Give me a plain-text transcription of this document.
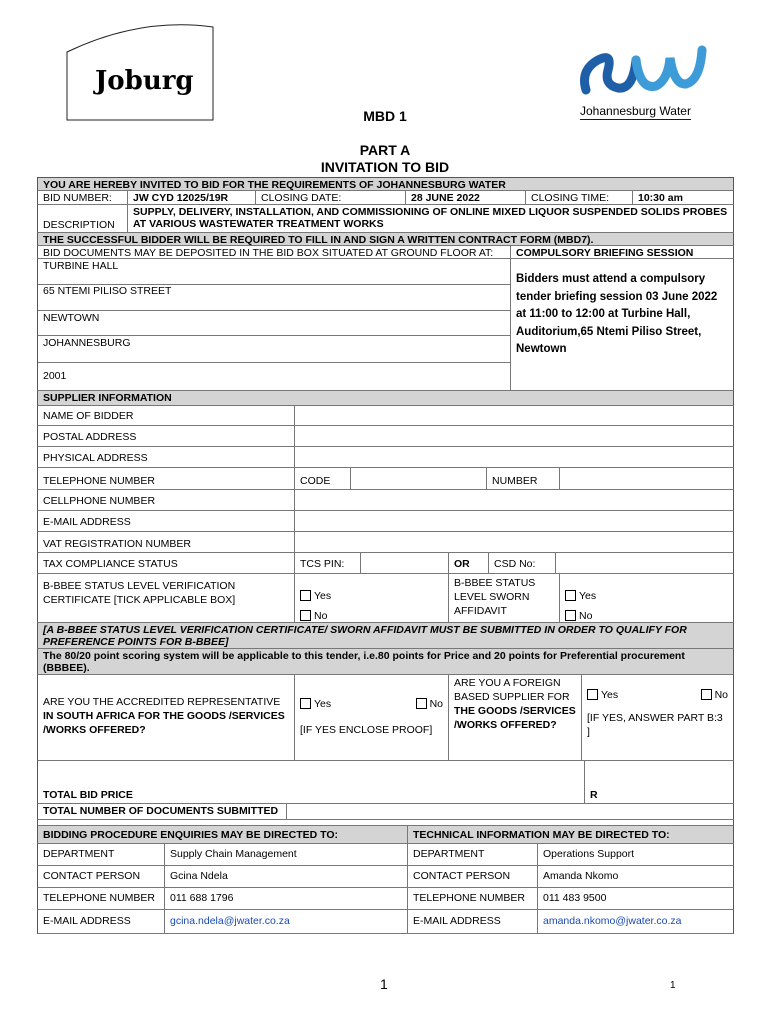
Joburg
Johannesburg Water
MBD 1
PART A
INVITATION TO BID
YOU ARE HEREBY INVITED TO BID FOR THE REQUIREMENTS OF JOHANNESBURG WATER
BID NUMBER:	JW CYD 12025/19R	CLOSING DATE:	28 JUNE 2022	CLOSING TIME:	10:30 am
DESCRIPTION
SUPPLY, DELIVERY, INSTALLATION, AND COMMISSIONING OF ONLINE MIXED LIQUOR SUSPENDED SOLIDS PROBES AT VARIOUS WASTEWATER TREATMENT WORKS
THE SUCCESSFUL BIDDER WILL BE REQUIRED TO FILL IN AND SIGN A WRITTEN CONTRACT FORM (MBD7).
BID DOCUMENTS MAY BE DEPOSITED IN THE BID BOX SITUATED AT GROUND FLOOR AT:	COMPULSORY BRIEFING SESSION
TURBINE HALL
65 NTEMI PILISO STREET
NEWTOWN
JOHANNESBURG
2001
Bidders must attend a compulsory tender briefing session 03 June 2022 at 11:00 to 12:00 at Turbine Hall, Auditorium,65 Ntemi Piliso Street, Newtown
SUPPLIER INFORMATION
NAME OF BIDDER
POSTAL ADDRESS
PHYSICAL ADDRESS
TELEPHONE NUMBER	CODE	NUMBER
CELLPHONE NUMBER
E-MAIL ADDRESS
VAT REGISTRATION NUMBER
TAX COMPLIANCE STATUS	TCS PIN:	OR	CSD No:
B-BBEE STATUS LEVEL VERIFICATION CERTIFICATE [TICK APPLICABLE BOX]	Yes
No
B-BBEE STATUS LEVEL SWORN AFFIDAVIT
Yes
No
[A B-BBEE STATUS LEVEL VERIFICATION CERTIFICATE/ SWORN AFFIDAVIT MUST BE SUBMITTED IN ORDER TO QUALIFY FOR PREFERENCE POINTS FOR B-BBEE]
The 80/20 point scoring system will be applicable to this tender, i.e.80 points for Price and 20 points for Preferential procurement (BBBEE).
ARE YOU THE ACCREDITED REPRESENTATIVE
IN SOUTH AFRICA FOR THE GOODS /SERVICES /WORKS OFFERED?
Yes	No
[IF YES ENCLOSE PROOF]
ARE YOU A FOREIGN BASED SUPPLIER FOR
THE GOODS /SERVICES /WORKS OFFERED?
Yes	No
[IF YES, ANSWER PART B:3 ]
TOTAL BID PRICE	R
TOTAL NUMBER OF DOCUMENTS SUBMITTED
BIDDING PROCEDURE ENQUIRIES MAY BE DIRECTED TO:	TECHNICAL INFORMATION MAY BE DIRECTED TO:
DEPARTMENT	Supply Chain Management	DEPARTMENT	Operations Support
CONTACT PERSON	Gcina Ndela	CONTACT PERSON	Amanda Nkomo
TELEPHONE NUMBER	011 688 1796	TELEPHONE NUMBER	011 483 9500
E-MAIL ADDRESS	gcina.ndela@jwater.co.za	E-MAIL ADDRESS	amanda.nkomo@jwater.co.za
1	1
